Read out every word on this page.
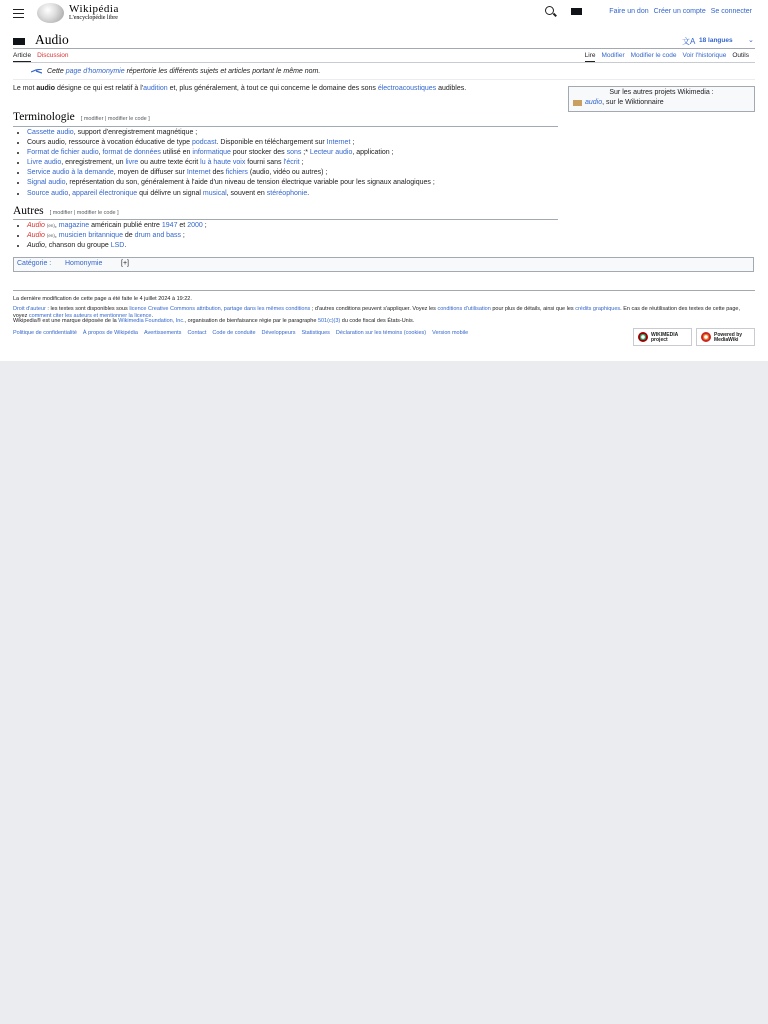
Wikipédia
L'encyclopédie libre
Faire un don Créer un compte Se connecter
Audio	文A 18 langues ⌄
Article Discussion	Lire Modifier Modifier le code Voir l'historique Outils
Cette page d'homonymie répertorie les différents sujets et articles portant le même nom.
Sur les autres projets Wikimedia :
audio, sur le Wiktionnaire
Le mot audio désigne ce qui est relatif à l'audition et, plus généralement, à tout ce qui concerne le domaine des sons électroacoustiques audibles.
Terminologie [ modifier | modifier le code ]
• Cassette audio, support d'enregistrement magnétique ;
• Cours audio, ressource à vocation éducative de type podcast. Disponible en téléchargement sur Internet ;
• Format de fichier audio, format de données utilisé en informatique pour stocker des sons ;* Lecteur audio, application ;
• Livre audio, enregistrement, un livre ou autre texte écrit lu à haute voix fourni sans l'écrit ;
• Service audio à la demande, moyen de diffuser sur Internet des fichiers (audio, vidéo ou autres) ;
• Signal audio, représentation du son, généralement à l'aide d'un niveau de tension électrique variable pour les signaux analogiques ;
• Source audio, appareil électronique qui délivre un signal musical, souvent en stéréophonie.
Autres [ modifier | modifier le code ]
• Audio (en), magazine américain publié entre 1947 et 2000 ;
• Audio (en), musicien britannique de drum and bass ;
• Audio, chanson du groupe LSD.
Catégorie : Homonymie	[+]
La dernière modification de cette page a été faite le 4 juillet 2024 à 19:22.
Droit d'auteur : les textes sont disponibles sous licence Creative Commons attribution, partage dans les mêmes conditions ; d'autres conditions peuvent s'appliquer. Voyez les conditions d'utilisation pour plus de détails, ainsi que les crédits graphiques. En cas de réutilisation des textes de cette page, voyez comment citer les auteurs et mentionner la licence.
Wikipedia® est une marque déposée de la Wikimedia Foundation, Inc., organisation de bienfaisance régie par le paragraphe 501(c)(3) du code fiscal des États-Unis.
Politique de confidentialité À propos de Wikipédia Avertissements Contact Code de conduite Développeurs Statistiques Déclaration sur les témoins (cookies) Version mobile	WIKIMEDIA project
Powered by MediaWiki
